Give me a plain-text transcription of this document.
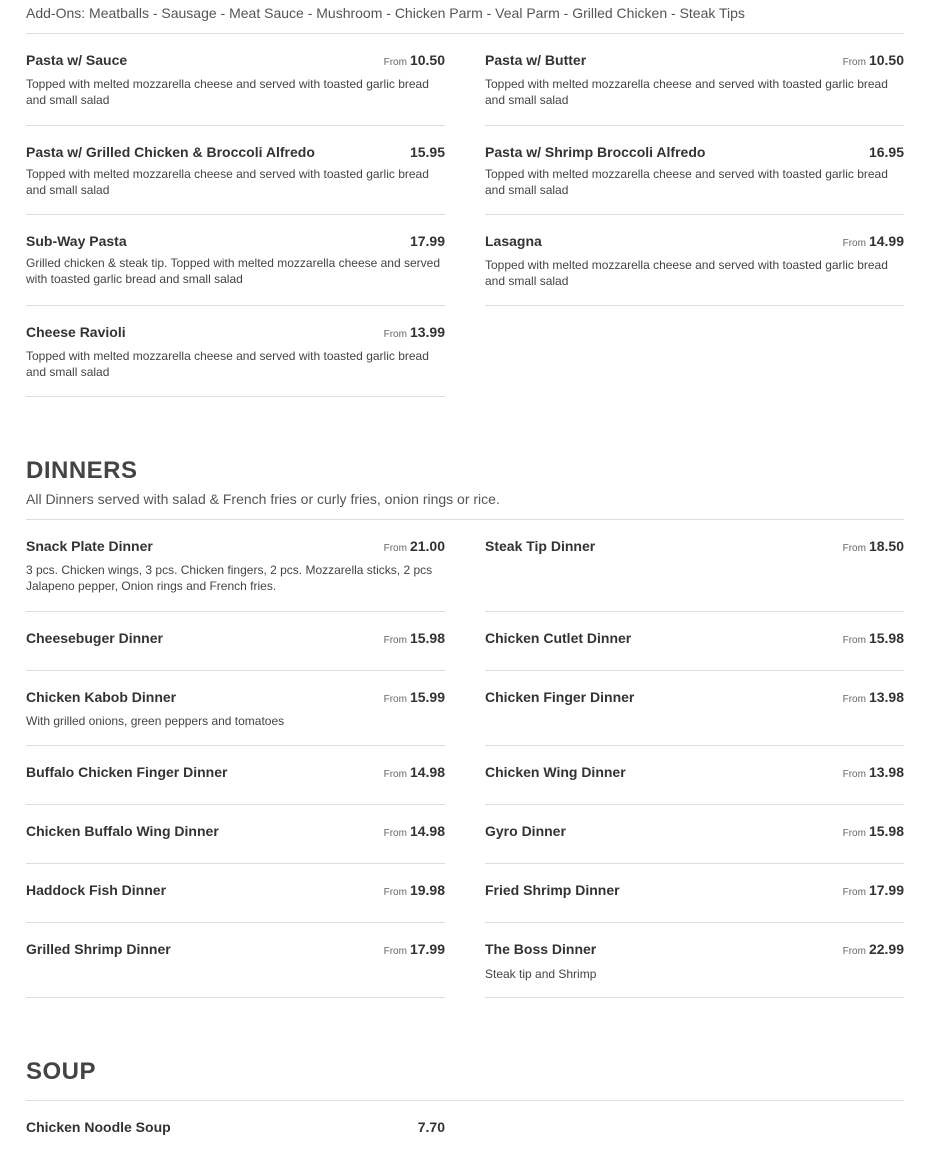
Add-Ons: Meatballs - Sausage - Meat Sauce - Mushroom - Chicken Parm - Veal Parm - Grilled Chicken - Steak Tips
Pasta w/ Sauce	From 10.50
Topped with melted mozzarella cheese and served with toasted garlic bread and small salad
Pasta w/ Grilled Chicken & Broccoli Alfredo	15.95
Topped with melted mozzarella cheese and served with toasted garlic bread and small salad
Sub-Way Pasta	17.99
Grilled chicken & steak tip. Topped with melted mozzarella cheese and served with toasted garlic bread and small salad
Cheese Ravioli	From 13.99
Topped with melted mozzarella cheese and served with toasted garlic bread and small salad
Pasta w/ Butter	From 10.50
Topped with melted mozzarella cheese and served with toasted garlic bread and small salad
Pasta w/ Shrimp Broccoli Alfredo	16.95
Topped with melted mozzarella cheese and served with toasted garlic bread and small salad
Lasagna	From 14.99
Topped with melted mozzarella cheese and served with toasted garlic bread and small salad
DINNERS
All Dinners served with salad & French fries or curly fries, onion rings or rice.
Snack Plate Dinner	From 21.00
3 pcs. Chicken wings, 3 pcs. Chicken fingers, 2 pcs. Mozzarella sticks, 2 pcs Jalapeno pepper, Onion rings and French fries.
Cheesebuger Dinner	From 15.98
Chicken Kabob Dinner	From 15.99
With grilled onions, green peppers and tomatoes
Buffalo Chicken Finger Dinner	From 14.98
Chicken Buffalo Wing Dinner	From 14.98
Haddock Fish Dinner	From 19.98
Grilled Shrimp Dinner	From 17.99
Steak Tip Dinner	From 18.50
Chicken Cutlet Dinner	From 15.98
Chicken Finger Dinner	From 13.98
Chicken Wing Dinner	From 13.98
Gyro Dinner	From 15.98
Fried Shrimp Dinner	From 17.99
The Boss Dinner	From 22.99
Steak tip and Shrimp
SOUP
Chicken Noodle Soup	7.70
